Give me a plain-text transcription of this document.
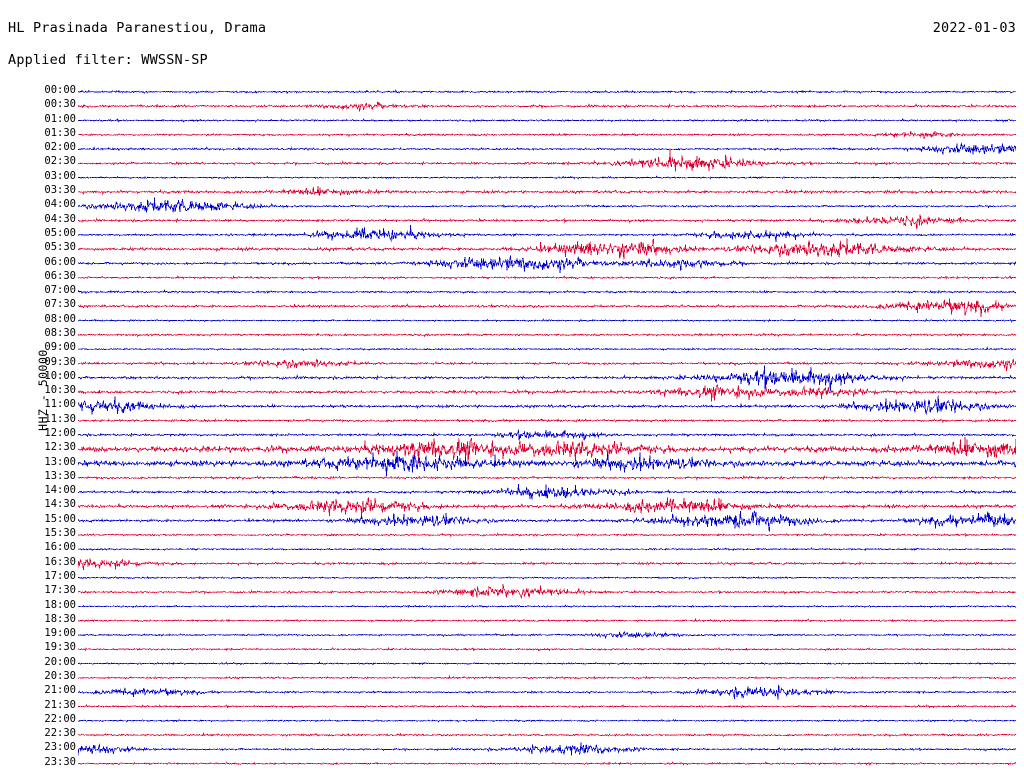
HL Prasinada Paranestiou, Drama
Applied filter: WWSSN-SP
2022-01-03
HHZ - 50000
00:00
00:30
01:00
01:30
02:00
02:30
03:00
03:30
04:00
04:30
05:00
05:30
06:00
06:30
07:00
07:30
08:00
08:30
09:00
09:30
10:00
10:30
11:00
11:30
12:00
12:30
13:00
13:30
14:00
14:30
15:00
15:30
16:00
16:30
17:00
17:30
18:00
18:30
19:00
19:30
20:00
20:30
21:00
21:30
22:00
22:30
23:00
23:30
